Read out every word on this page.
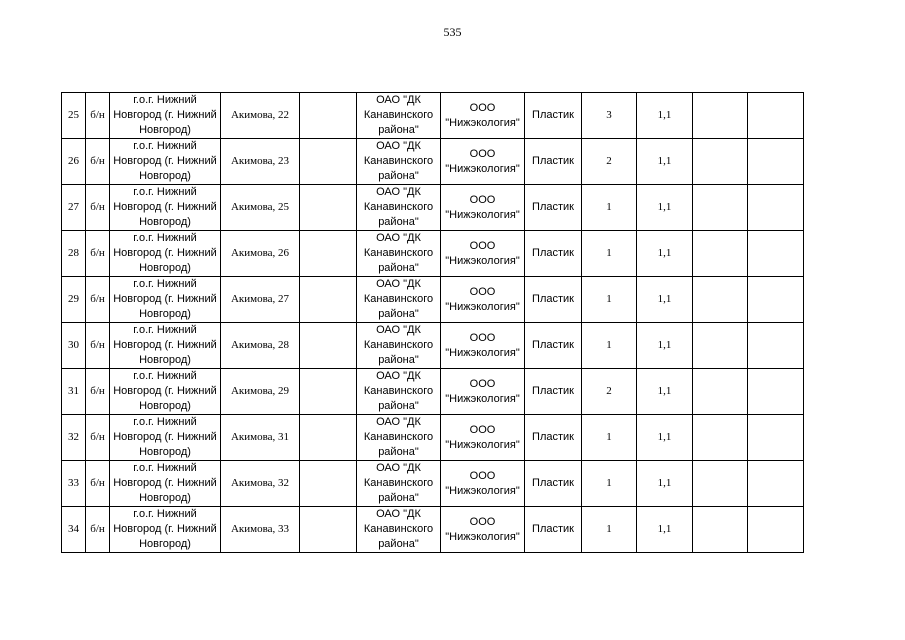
535
25	б/н	г.о.г. Нижний Новгород (г. Нижний Новгород)	Акимова, 22		ОАО "ДК Канавинского района"	ООО "Нижэкология"	Пластик	3	1,1		
26	б/н	г.о.г. Нижний Новгород (г. Нижний Новгород)	Акимова, 23		ОАО "ДК Канавинского района"	ООО "Нижэкология"	Пластик	2	1,1		
27	б/н	г.о.г. Нижний Новгород (г. Нижний Новгород)	Акимова, 25		ОАО "ДК Канавинского района"	ООО "Нижэкология"	Пластик	1	1,1		
28	б/н	г.о.г. Нижний Новгород (г. Нижний Новгород)	Акимова, 26		ОАО "ДК Канавинского района"	ООО "Нижэкология"	Пластик	1	1,1		
29	б/н	г.о.г. Нижний Новгород (г. Нижний Новгород)	Акимова, 27		ОАО "ДК Канавинского района"	ООО "Нижэкология"	Пластик	1	1,1		
30	б/н	г.о.г. Нижний Новгород (г. Нижний Новгород)	Акимова, 28		ОАО "ДК Канавинского района"	ООО "Нижэкология"	Пластик	1	1,1		
31	б/н	г.о.г. Нижний Новгород (г. Нижний Новгород)	Акимова, 29		ОАО "ДК Канавинского района"	ООО "Нижэкология"	Пластик	2	1,1		
32	б/н	г.о.г. Нижний Новгород (г. Нижний Новгород)	Акимова, 31		ОАО "ДК Канавинского района"	ООО "Нижэкология"	Пластик	1	1,1		
33	б/н	г.о.г. Нижний Новгород (г. Нижний Новгород)	Акимова, 32		ОАО "ДК Канавинского района"	ООО "Нижэкология"	Пластик	1	1,1		
34	б/н	г.о.г. Нижний Новгород (г. Нижний Новгород)	Акимова, 33		ОАО "ДК Канавинского района"	ООО "Нижэкология"	Пластик	1	1,1		
